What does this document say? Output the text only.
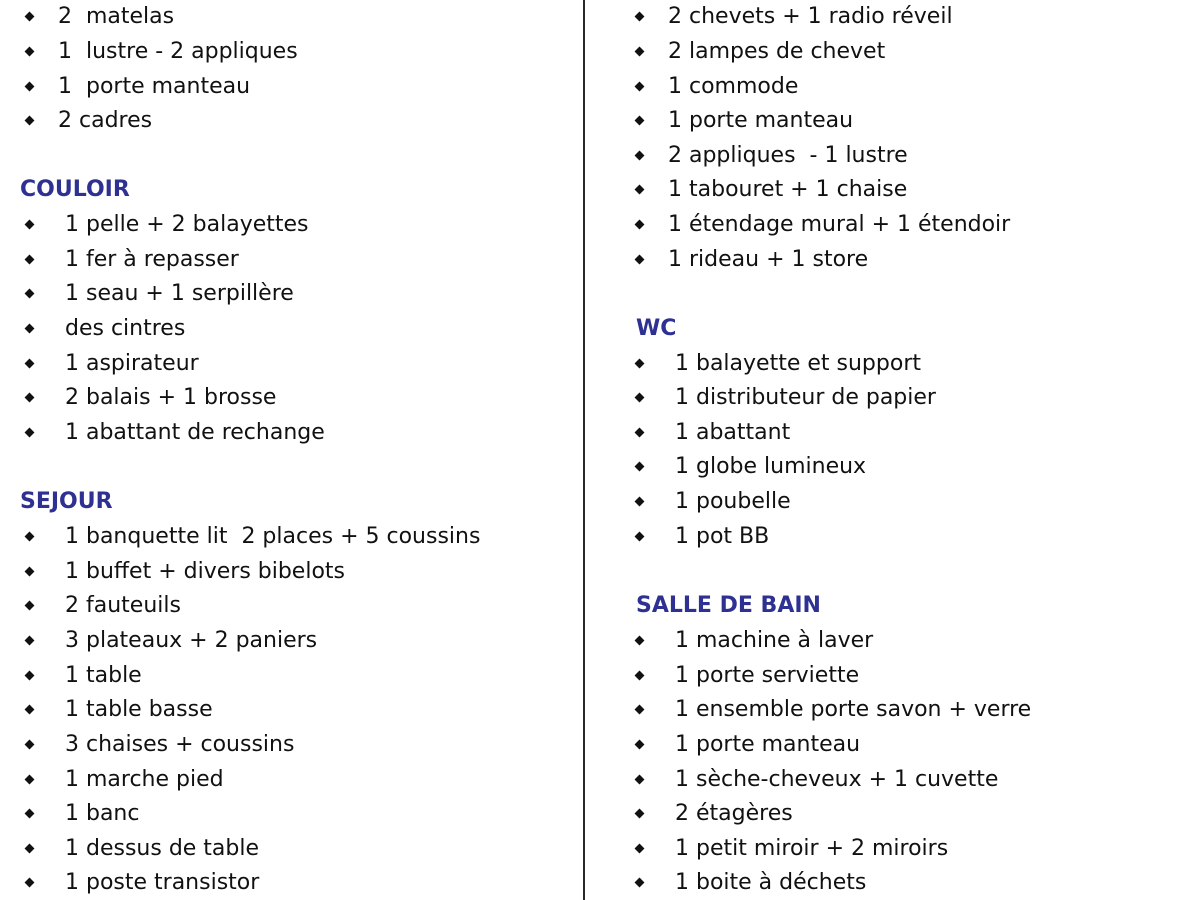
2  matelas
1  lustre - 2 appliques
1  porte manteau
2 cadres
COULOIR
1 pelle + 2 balayettes
1 fer à repasser
1 seau + 1 serpillère
des cintres
1 aspirateur
2 balais + 1 brosse
1 abattant de rechange
SEJOUR
1 banquette lit  2 places + 5 coussins
1 buffet + divers bibelots
2 fauteuils
3 plateaux + 2 paniers
1 table
1 table basse
3 chaises + coussins
1 marche pied
1 banc
1 dessus de table
1 poste transistor
2 chevets + 1 radio réveil
2 lampes de chevet
1 commode
1 porte manteau
2 appliques  - 1 lustre
1 tabouret + 1 chaise
1 étendage mural + 1 étendoir
1 rideau + 1 store
WC
1 balayette et support
1 distributeur de papier
1 abattant
1 globe lumineux
1 poubelle
1 pot BB
SALLE DE BAIN
1 machine à laver
1 porte serviette
1 ensemble porte savon + verre
1 porte manteau
1 sèche-cheveux + 1 cuvette
2 étagères
1 petit miroir + 2 miroirs
1 boite à déchets
